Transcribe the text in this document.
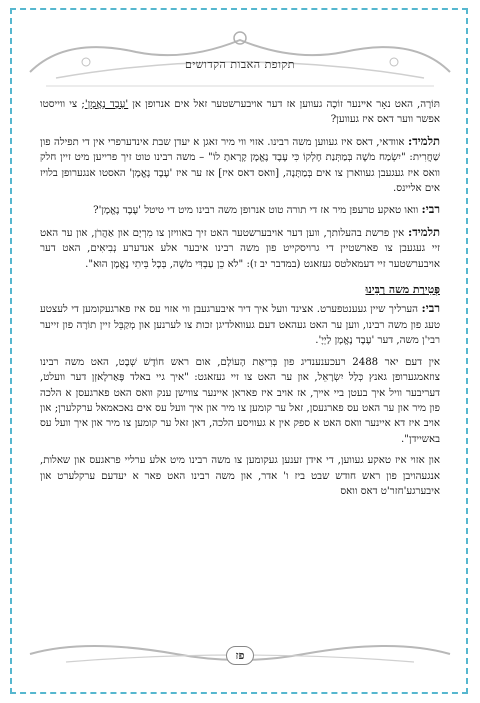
תקופת האבות הקדושים

תּוֹרָה, האט נאָר אײנער זוֹכֶה געווען אז דער אויבערשטער זאל אים אנרופן אן 'עֶבֶד נֶאֱמָן'; צי ווייסטו אפשר ווער דאס איז געווען?

תלמיד: אוודאי, דאס איז געווען משה רבינו. אזוי ווי מיר זאגן א יעדן שבת אינדערפרי אין די תפילה פון שַׁחֲרִית: "יִשְׂמַח מֹשֶׁה בְּמַתְּנַת חֶלְקוֹ כִּי עֶבֶד נֶאֱמָן קָרָאתָ לוֹ" – משה רבינו טוט זיך פרייען מיט זיין חלק וואס איז געגעבן געווארן צו אים בְּמַתָּנָה, [וואס דאס איז] אז ער איז 'עֶבֶד נֶאֱמָן' האסטו אנגערופן בלויז אים אליינס.

רבי: וואו טאקע טרעפן מיר אז די תורה טוט אנרופן משה רבינו מיט די טיטל 'עֶבֶד נֶאֱמָן'?

תלמיד: אין פרשת בהעלותך, ווען דער אויבערשטער האט זיך באוויזן צו מִרְיָם און אַהֲרֹן, און ער האט זיי געגעבן צו פארשטיין די גרויסקייט פון משה רבינו איבער אלע אנדערע נְבִיאִים, האט דער אויבערשטער זיי דעמאלטס געזאגט (במדבר יב ז): "לֹא כֵן עַבְדִּי מֹשֶׁה, בְּכָל בֵּיתִי נֶאֱמָן הוּא".

פְּטִירַת משה רַבֵּינוּ

רבי: הערליך שיין געענטפערט. אצינד וועל איך דיר איבערגעבן ווי אזוי עס איז פארגעקומען די לעצטע טעג פון משה רבינו, ווען ער האט געהאט דעם געוואלדיגן זכות צו לערנען און מְקַבֵּל זיין תוֹרָה פון זייער רבי'ן משה, דער 'עֶבֶד נֶאֱמָן לַיְיָ'.

אין דעם יאר 2488 רעכענענדיג פון בְּרִיאַת הָעוֹלָם, אום ראש חוֹדֶשׁ שְׁבָט, האט משה רבינו צוזאמגערופן גאנץ כְּלַל יִשְׂרָאֵל, און ער האט צו זיי געזאגט: "איך גיי באלד פֶּאַרלָאזְן דער וועלט, דעריבער וויל איך בעטן ביי אייך, אז אויב איז פאראן איינער צווישן ענק וואס האט פארגעסן א הלכה פון מיר און ער האט עס פארגעסן, זאל ער קומען צו מיר און איך וועל עס אים נאכאמאל ערקלערן; און אויב איז דא איינער וואס האט א ספק אין א געוויסע הלכה, דאן זאל ער קומען צו מיר און איך וועל עס באשיידן".

און אזוי איז טאקע געווען, די אידן זענען געקומען צו משה רבינו מיט אלע ערליי פראגעס און שאלות, אנגעהויבן פון ראש חודש שבט ביז ו' אדר, און משה רבינו האט פאר א יעדעם ערקלערט און איבערגע'חזר'ט דאס וואס

פז
